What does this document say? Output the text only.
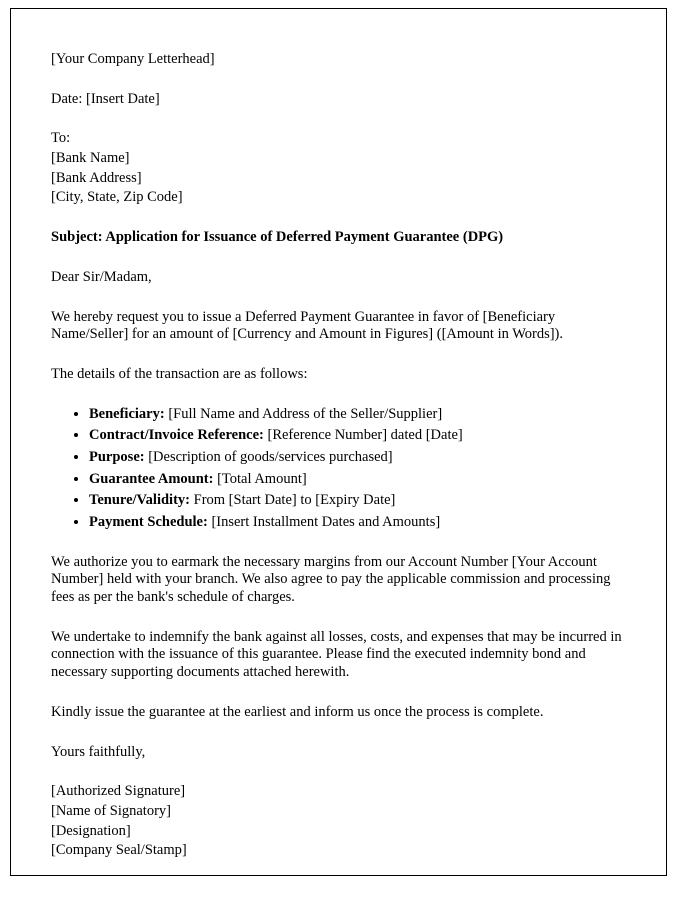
[Your Company Letterhead]

Date: [Insert Date]

To:

[Bank Name]

[Bank Address]

[City, State, Zip Code]

Subject: Application for Issuance of Deferred Payment Guarantee (DPG)

Dear Sir/Madam,

We hereby request you to issue a Deferred Payment Guarantee in favor of [Beneficiary Name/Seller] for an amount of [Currency and Amount in Figures] ([Amount in Words]).

The details of the transaction are as follows:

• Beneficiary: [Full Name and Address of the Seller/Supplier]
• Contract/Invoice Reference: [Reference Number] dated [Date]
• Purpose: [Description of goods/services purchased]
• Guarantee Amount: [Total Amount]
• Tenure/Validity: From [Start Date] to [Expiry Date]
• Payment Schedule: [Insert Installment Dates and Amounts]

We authorize you to earmark the necessary margins from our Account Number [Your Account Number] held with your branch. We also agree to pay the applicable commission and processing fees as per the bank's schedule of charges.

We undertake to indemnify the bank against all losses, costs, and expenses that may be incurred in connection with the issuance of this guarantee. Please find the executed indemnity bond and necessary supporting documents attached herewith.

Kindly issue the guarantee at the earliest and inform us once the process is complete.

Yours faithfully,

[Authorized Signature]

[Name of Signatory]

[Designation]

[Company Seal/Stamp]
